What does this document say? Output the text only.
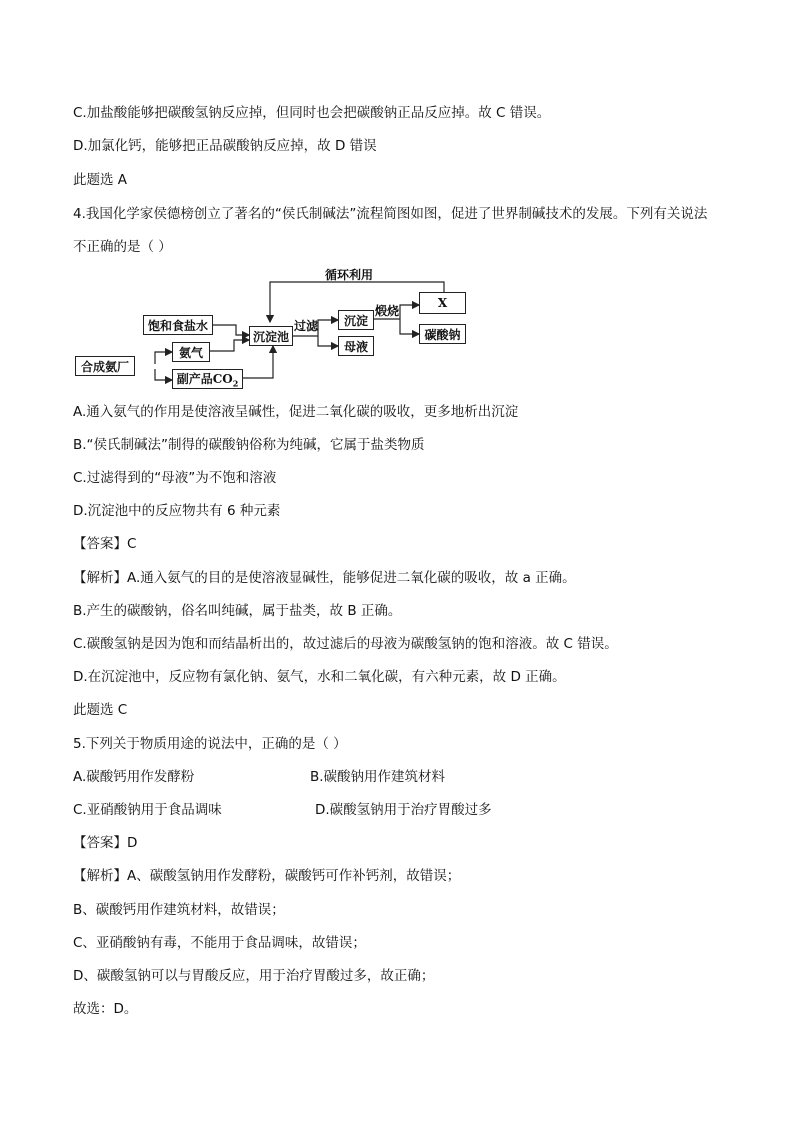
C.加盐酸能够把碳酸氢钠反应掉，但同时也会把碳酸钠正品反应掉。故 C 错误。
D.加氯化钙，能够把正品碳酸钠反应掉，故 D 错误
此题选 A
4.我国化学家侯德榜创立了著名的“侯氏制碱法”流程简图如图，促进了世界制碱技术的发展。下列有关说法
不正确的是（ ）
循环利用
饱和食盐水
氨气
合成氨厂
副产品$CO_2$
沉淀池
过滤 沉淀
母液
煅烧
X
碳酸钠
A.通入氨气的作用是使溶液呈碱性，促进二氧化碳的吸收，更多地析出沉淀
B.“侯氏制碱法”制得的碳酸钠俗称为纯碱，它属于盐类物质
C.过滤得到的“母液”为不饱和溶液
D.沉淀池中的反应物共有 6 种元素
【答案】C
【解析】A.通入氨气的目的是使溶液显碱性，能够促进二氧化碳的吸收，故 a 正确。
B.产生的碳酸钠，俗名叫纯碱，属于盐类，故 B 正确。
C.碳酸氢钠是因为饱和而结晶析出的，故过滤后的母液为碳酸氢钠的饱和溶液。故 C 错误。
D.在沉淀池中，反应物有氯化钠、氨气，水和二氧化碳，有六种元素，故 D 正确。
此题选 C
5.下列关于物质用途的说法中，正确的是（ ）
A.碳酸钙用作发酵粉	B.碳酸钠用作建筑材料
C.亚硝酸钠用于食品调味	D.碳酸氢钠用于治疗胃酸过多
【答案】D
【解析】A、碳酸氢钠用作发酵粉，碳酸钙可作补钙剂，故错误；
B、碳酸钙用作建筑材料，故错误；
C、亚硝酸钠有毒，不能用于食品调味，故错误；
D、碳酸氢钠可以与胃酸反应，用于治疗胃酸过多，故正确；
故选：D。
